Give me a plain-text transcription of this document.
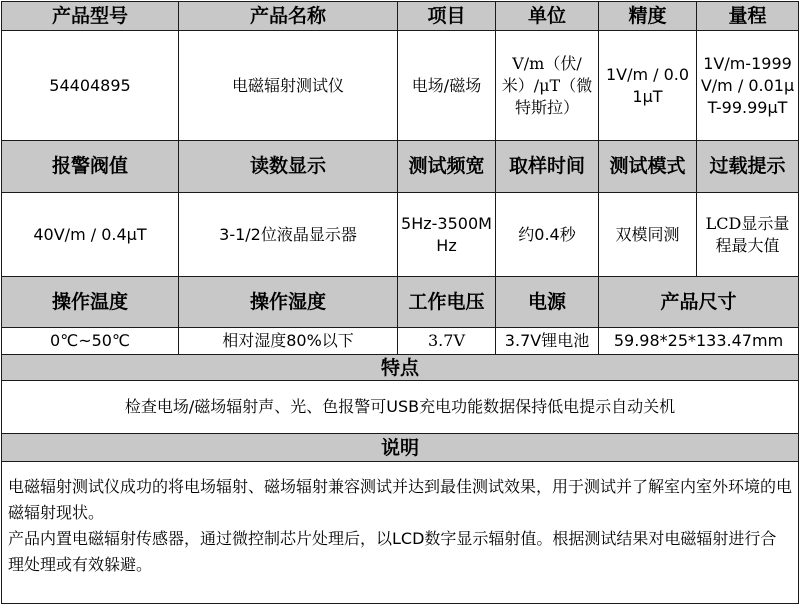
产品型号	产品名称	项目	单位	精度	量程
54404895	电磁辐射测试仪	电场/磁场	V/m（伏/米）/μT（微特斯拉）	1V/m / 0.01μT	1V/m-1999V/m / 0.01μT-99.99μT
报警阀值	读数显示	测试频宽	取样时间	测试模式	过载提示
40V/m / 0.4μT	3-1/2位液晶显示器	5Hz-3500MHz	约0.4秒	双模同测	LCD显示量程最大值
操作温度	操作湿度	工作电压	电源	产品尺寸	
0℃~50℃	相对湿度80%以下	3.7V	3.7V锂电池	59.98*25*133.47mm	
特点					
检查电场/磁场辐射声、光、色报警可USB充电功能数据保持低电提示自动关机					
说明					

电磁辐射测试仪成功的将电场辐射、磁场辐射兼容测试并达到最佳测试效果，用于测试并了解室内室外环境的电磁辐射现状。

产品内置电磁辐射传感器，通过微控制芯片处理后，以LCD数字显示辐射值。根据测试结果对电磁辐射进行合理处理或有效躲避。					
